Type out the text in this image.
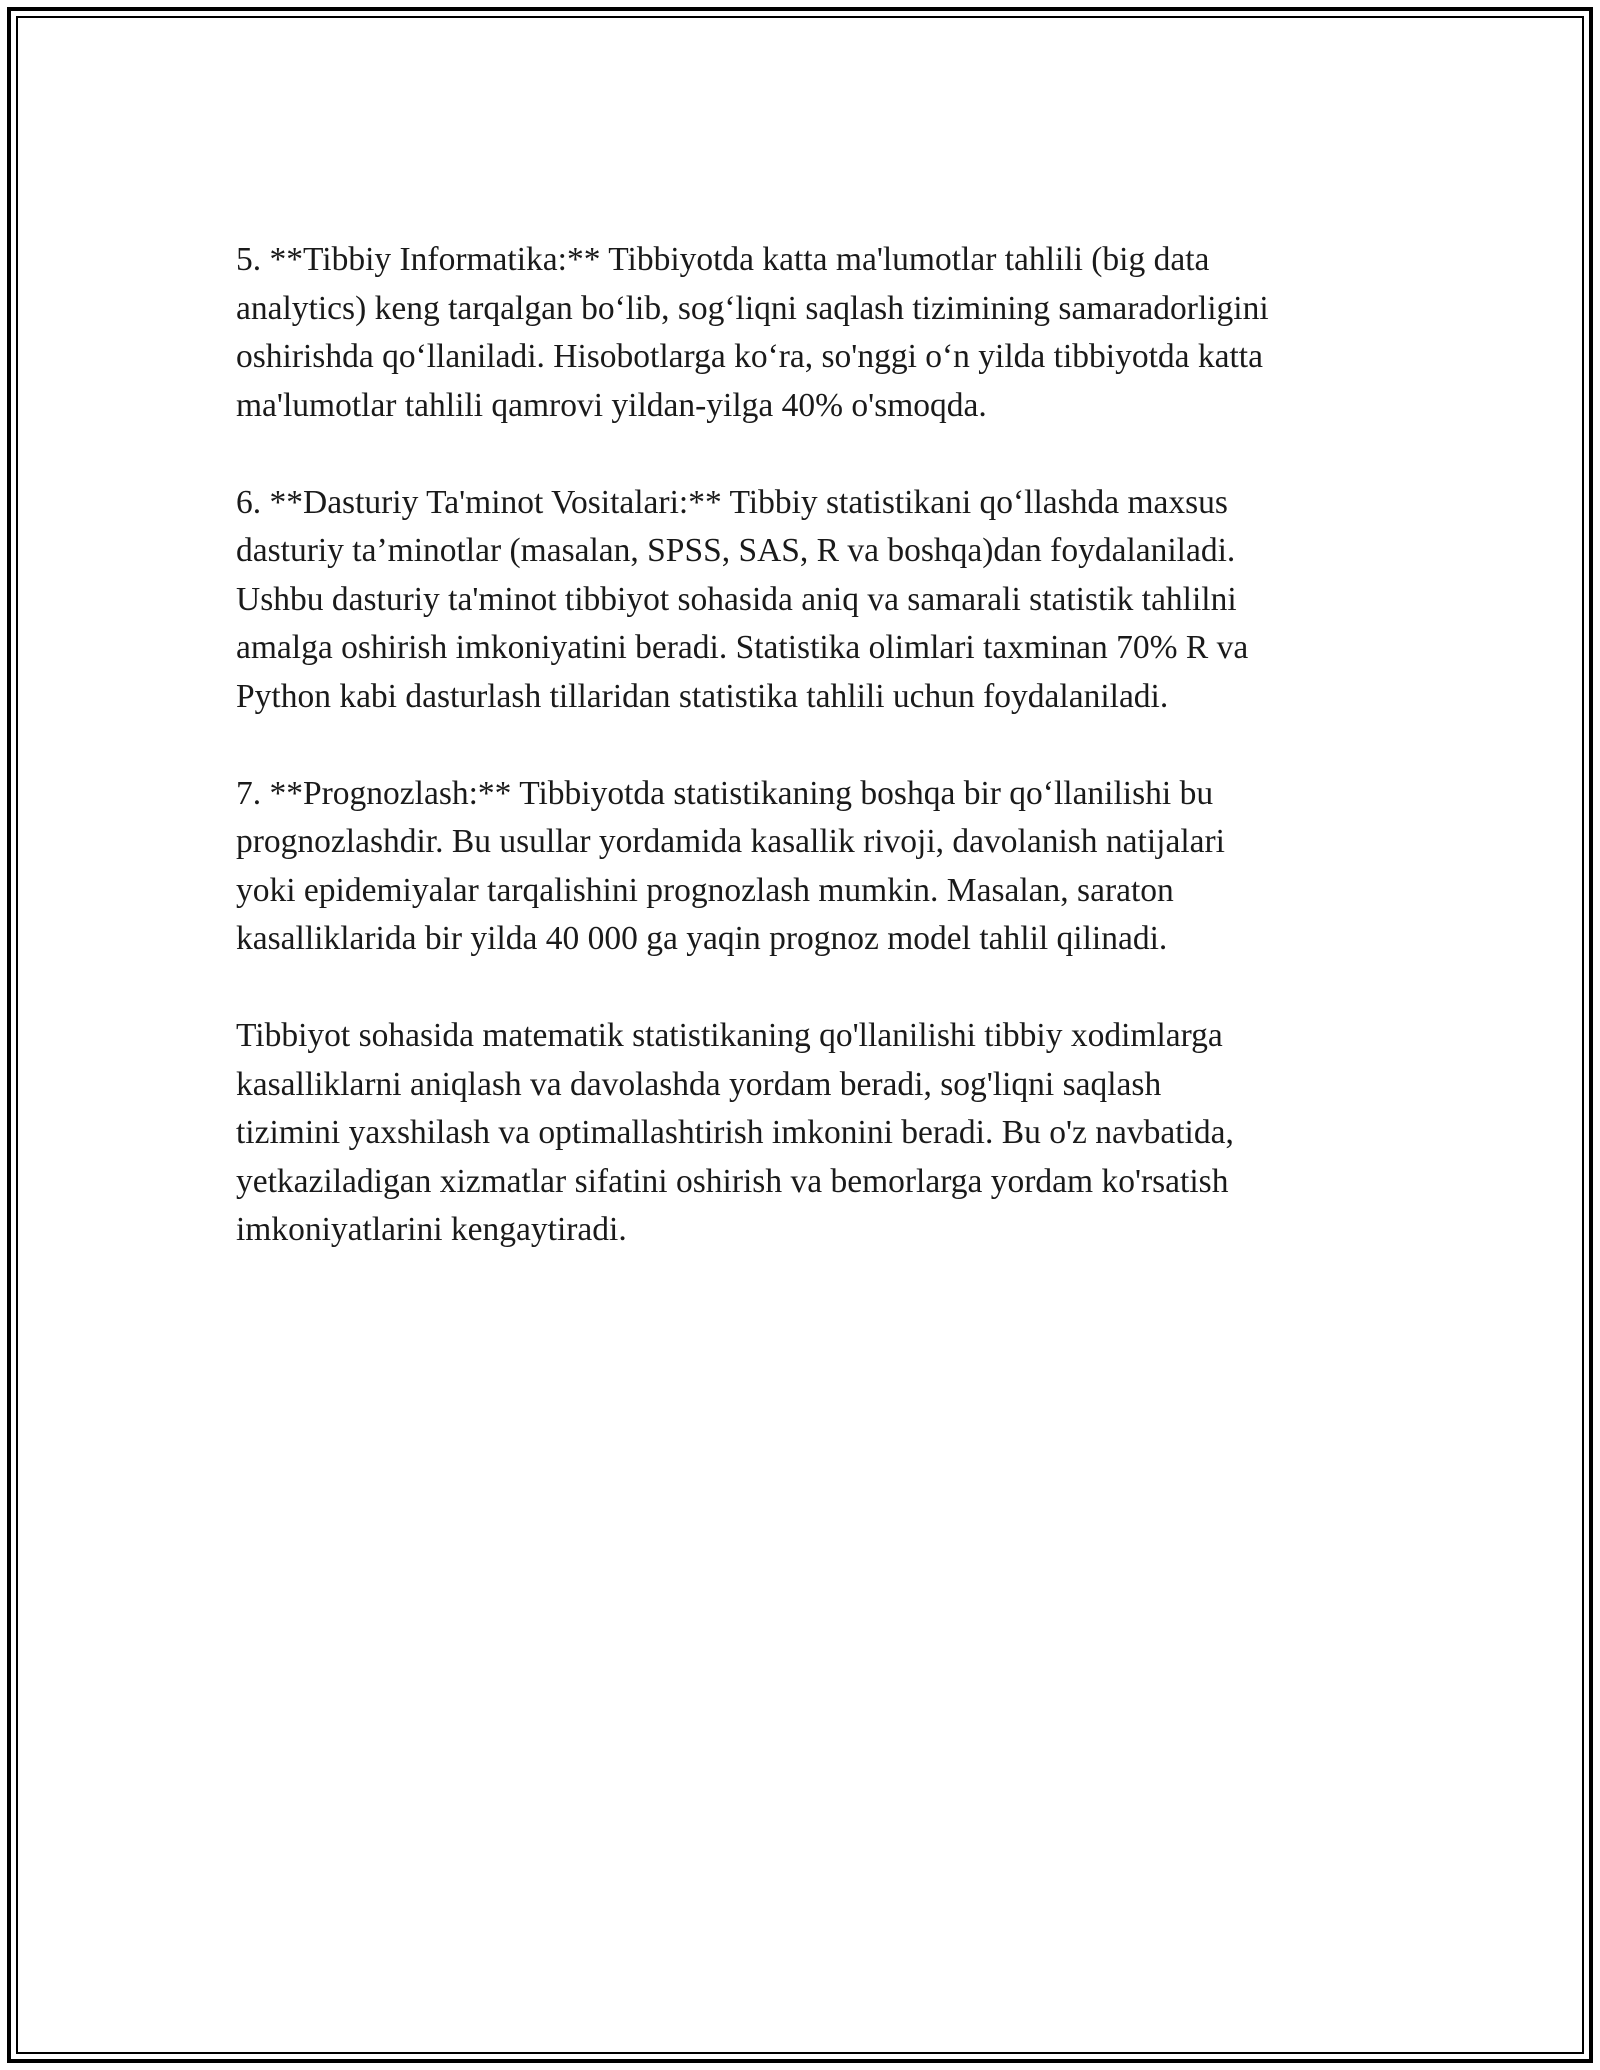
5. **Tibbiy Informatika:** Tibbiyotda katta ma'lumotlar tahlili (big data
analytics) keng tarqalgan bo‘lib, sog‘liqni saqlash tizimining samaradorligini
oshirishda qo‘llaniladi. Hisobotlarga ko‘ra, so'nggi o‘n yilda tibbiyotda katta
ma'lumotlar tahlili qamrovi yildan-yilga 40% o'smoqda.

6. **Dasturiy Ta'minot Vositalari:** Tibbiy statistikani qo‘llashda maxsus
dasturiy ta’minotlar (masalan, SPSS, SAS, R va boshqa)dan foydalaniladi.
Ushbu dasturiy ta'minot tibbiyot sohasida aniq va samarali statistik tahlilni
amalga oshirish imkoniyatini beradi. Statistika olimlari taxminan 70% R va
Python kabi dasturlash tillaridan statistika tahlili uchun foydalaniladi.

7. **Prognozlash:** Tibbiyotda statistikaning boshqa bir qo‘llanilishi bu
prognozlashdir. Bu usullar yordamida kasallik rivoji, davolanish natijalari
yoki epidemiyalar tarqalishini prognozlash mumkin. Masalan, saraton
kasalliklarida bir yilda 40 000 ga yaqin prognoz model tahlil qilinadi.

Tibbiyot sohasida matematik statistikaning qo'llanilishi tibbiy xodimlarga
kasalliklarni aniqlash va davolashda yordam beradi, sog'liqni saqlash
tizimini yaxshilash va optimallashtirish imkonini beradi. Bu o'z navbatida,
yetkaziladigan xizmatlar sifatini oshirish va bemorlarga yordam ko'rsatish
imkoniyatlarini kengaytiradi.
